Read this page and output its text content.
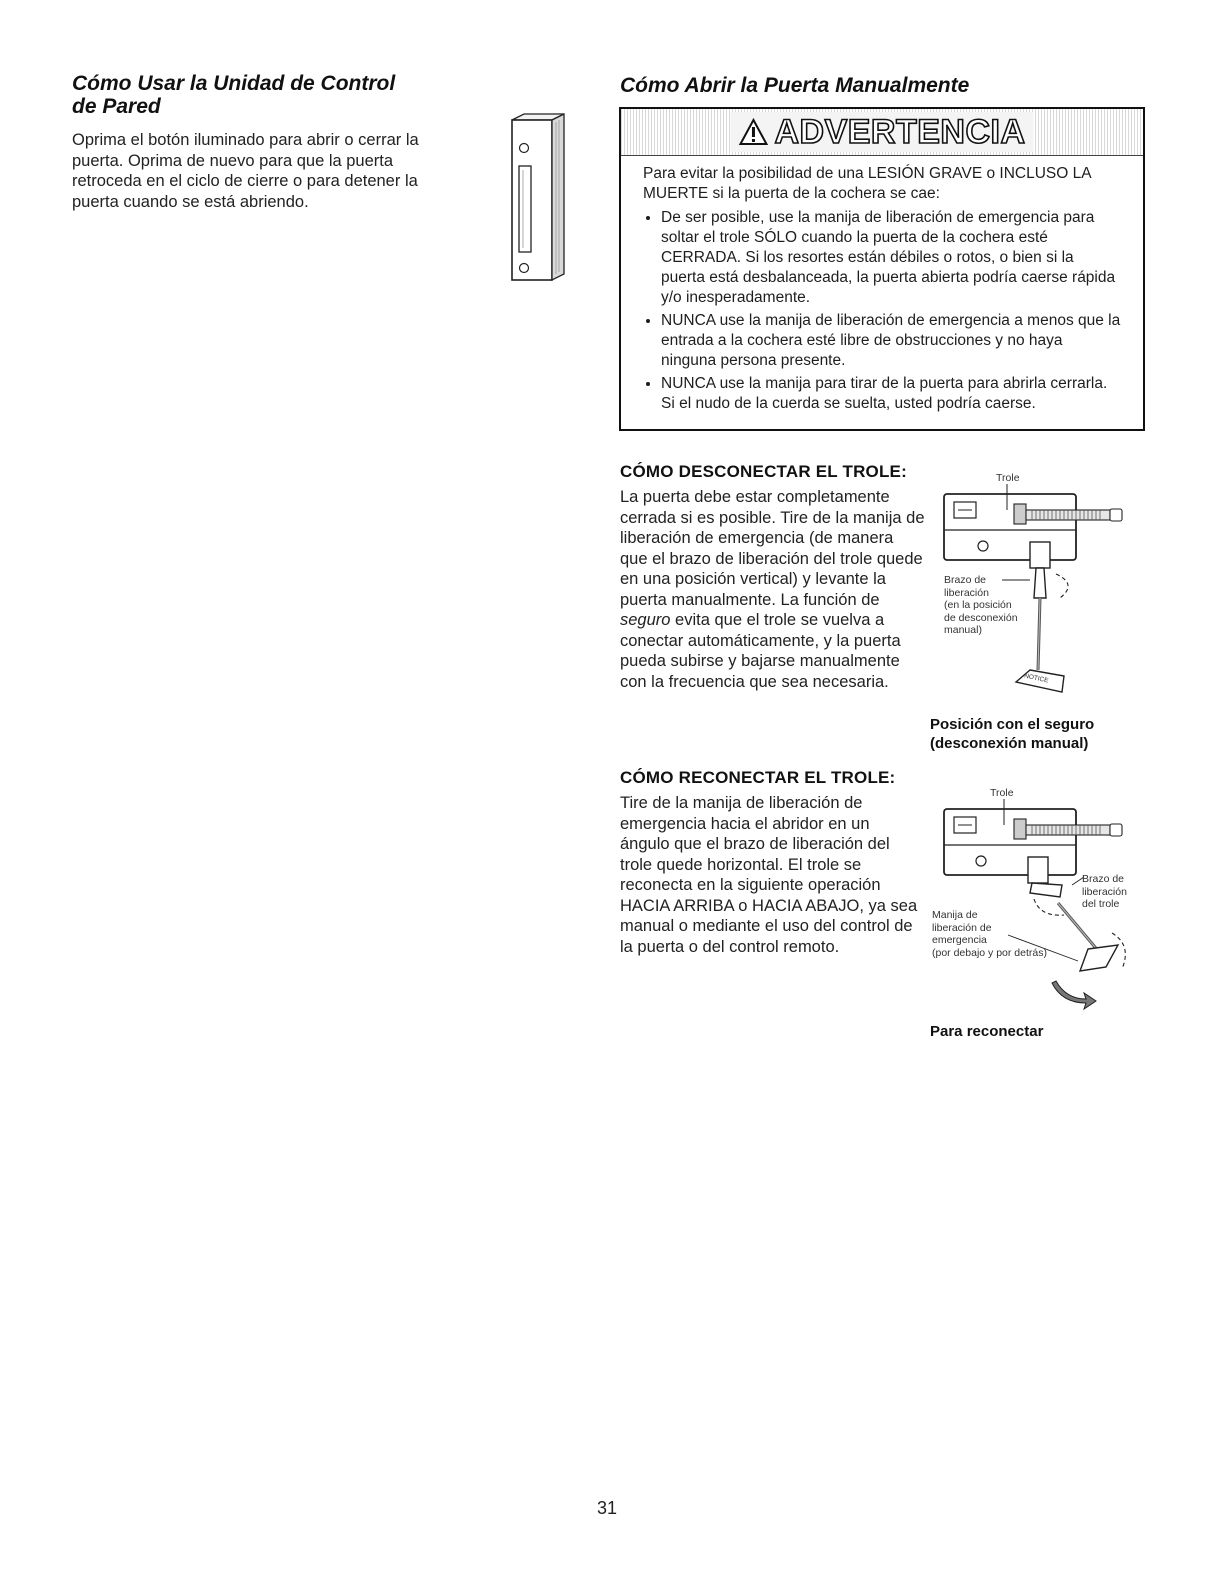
Cómo Usar la Unidad de Control
de Pared

Oprima el botón iluminado para abrir o cerrar la puerta. Oprima de nuevo para que la puerta retroceda en el ciclo de cierre o para detener la puerta cuando se está abriendo.

Cómo Abrir la Puerta Manualmente
ADVERTENCIA

Para evitar la posibilidad de una LESIÓN GRAVE o INCLUSO LA MUERTE si la puerta de la cochera se cae:

• De ser posible, use la manija de liberación de emergencia para soltar el trole SÓLO cuando la puerta de la cochera esté CERRADA. Si los resortes están débiles o rotos, o bien si la puerta está desbalanceada, la puerta abierta podría caerse rápida y/o inesperadamente.
• NUNCA use la manija de liberación de emergencia a menos que la entrada a la cochera esté libre de obstrucciones y no haya ninguna persona presente.
• NUNCA use la manija para tirar de la puerta para abrirla cerrarla. Si el nudo de la cuerda se suelta, usted podría caerse.
CÓMO DESCONECTAR EL TROLE:

La puerta debe estar completamente cerrada si es posible. Tire de la manija de liberación de emergencia (de manera que el brazo de liberación del trole quede en una posición vertical) y levante la puerta manualmente. La función de seguro evita que el trole se vuelva a conectar automáticamente, y la puerta pueda subirse y bajarse manualmente con la frecuencia que sea necesaria.

Trole
Brazo de
liberación
(en la posición
de desconexión
manual)
NOTICE

Posición con el seguro

(desconexión manual)

CÓMO RECONECTAR EL TROLE:

Tire de la manija de liberación de emergencia hacia el abridor en un ángulo que el brazo de liberación del trole quede horizontal. El trole se reconecta en la siguiente operación HACIA ARRIBA o HACIA ABAJO, ya sea manual o mediante el uso del control de la puerta o del control remoto.

Trole
Brazo de
liberación
del trole
Manija de
liberación de
emergencia
(por debajo y por detrás)

Para reconectar

31
